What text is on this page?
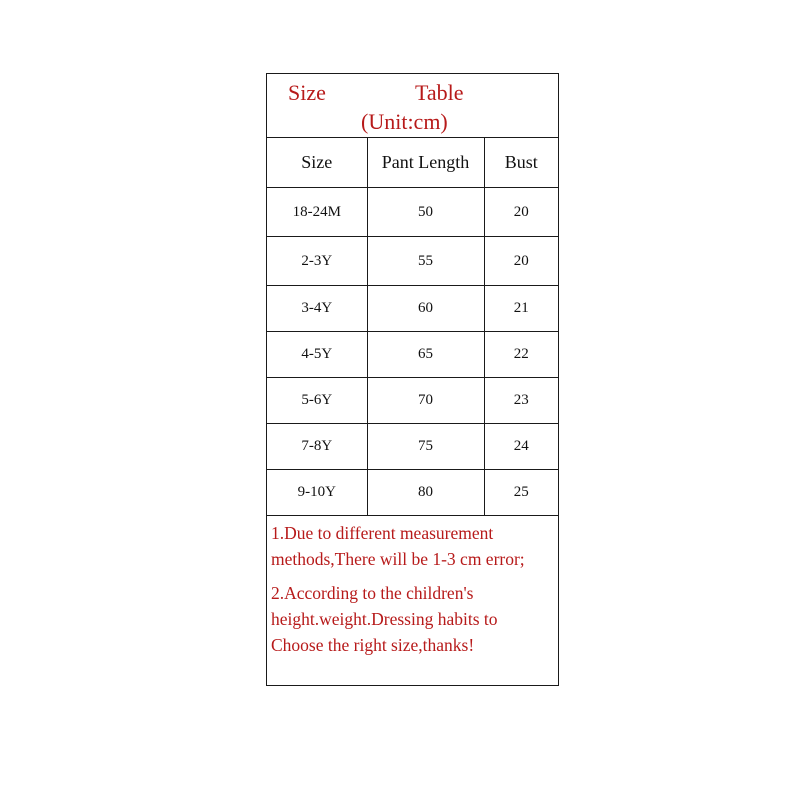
Size	Table
(Unit:cm)
Size	Pant Length	Bust
18-24M	50	20
2-3Y	55	20
3-4Y	60	21
4-5Y	65	22
5-6Y	70	23
7-8Y	75	24
9-10Y	80	25

1.Due to different measurement methods,There will be 1-3 cm error;

2.According to the children's height.weight.Dressing habits to Choose the right size,thanks!
